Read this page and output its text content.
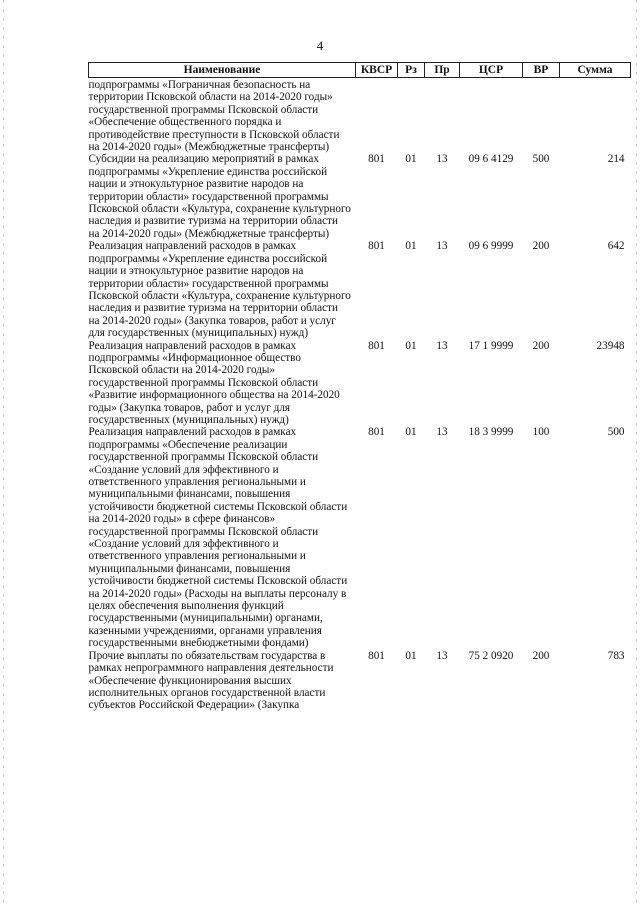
4
Наименование	КВСР	Рз	Пр	ЦСР	ВР	Сумма
подпрограммы «Пограничная безопасность на территории Псковской области на 2014-2020 годы» государственной программы Псковской области «Обеспечение общественного порядка и противодействие преступности в Псковской области на 2014-2020 годы» (Межбюджетные трансферты)						
Субсидии на реализацию мероприятий в рамках подпрограммы «Укрепление единства российской нации и этнокультурное развитие народов на территории области» государственной программы Псковской области «Культура, сохранение культурного наследия и развитие туризма на территории области на 2014-2020 годы» (Межбюджетные трансферты)	801	01	13	09 6 4129	500	214
Реализация направлений расходов в рамках подпрограммы «Укрепление единства российской нации и этнокультурное развитие народов на территории области» государственной программы Псковской области «Культура, сохранение культурного наследия и развитие туризма на территории области на 2014-2020 годы» (Закупка товаров, работ и услуг для государственных (муниципальных) нужд)	801	01	13	09 6 9999	200	642
Реализация направлений расходов в рамках подпрограммы «Информационное общество Псковской области на 2014-2020 годы» государственной программы Псковской области «Развитие информационного общества на 2014-2020 годы» (Закупка товаров, работ и услуг для государственных (муниципальных) нужд)	801	01	13	17 1 9999	200	23948
Реализация направлений расходов в рамках подпрограммы «Обеспечение реализации государственной программы Псковской области «Создание условий для эффективного и ответственного управления региональными и муниципальными финансами, повышения устойчивости бюджетной системы Псковской области на 2014-2020 годы» в сфере финансов» государственной программы Псковской области «Создание условий для эффективного и ответственного управления региональными и муниципальными финансами, повышения устойчивости бюджетной системы Псковской области на 2014-2020 годы» (Расходы на выплаты персоналу в целях обеспечения выполнения функций государственными (муниципальными) органами, казенными учреждениями, органами управления государственными внебюджетными фондами)	801	01	13	18 3 9999	100	500
Прочие выплаты по обязательствам государства в рамках непрограммного направления деятельности «Обеспечение функционирования высших исполнительных органов государственной власти субъектов Российской Федерации» (Закупка	801	01	13	75 2 0920	200	783
